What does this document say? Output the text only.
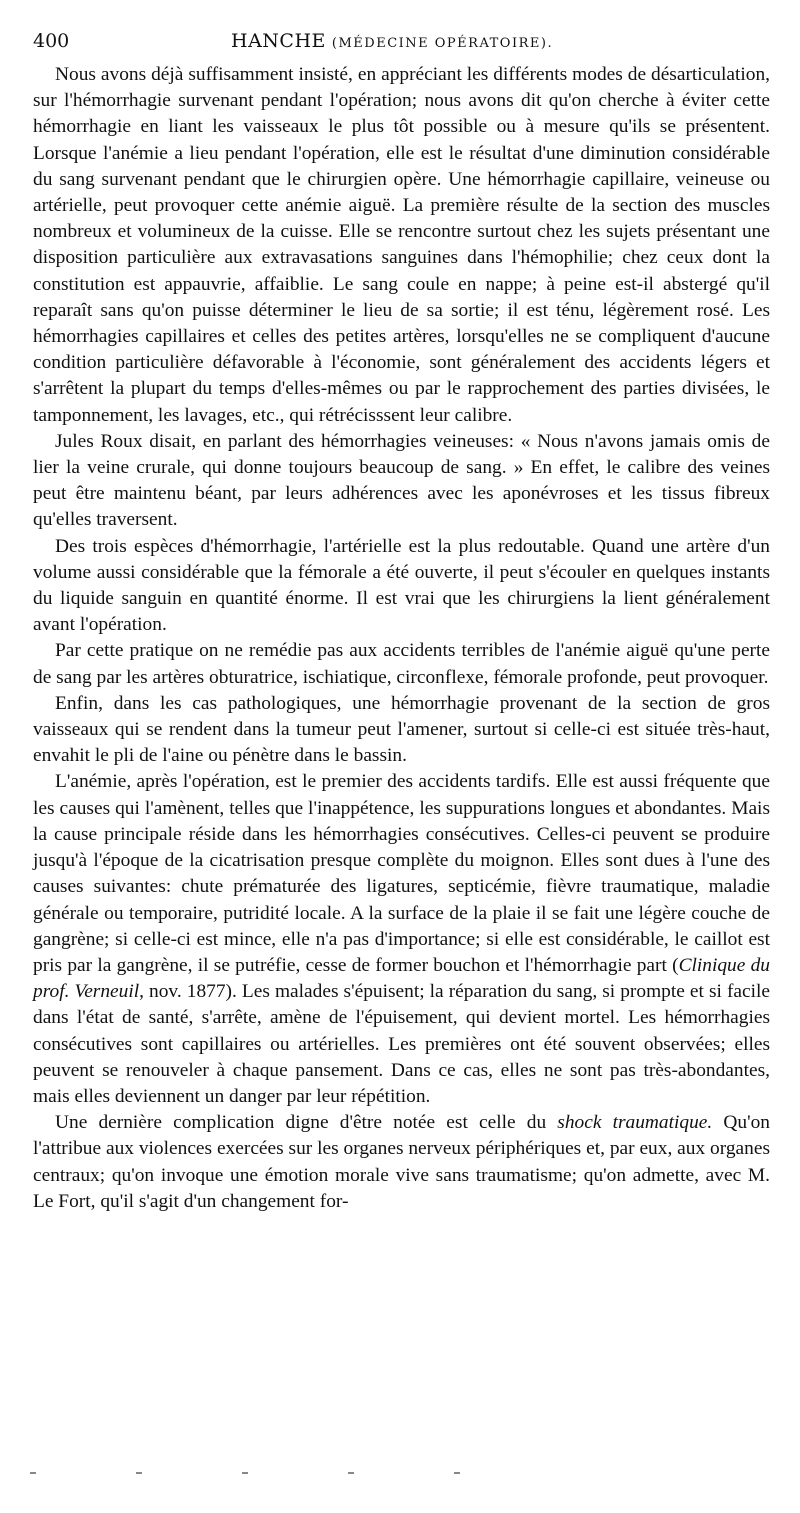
400	HANCHE (MÉDECINE OPÉRATOIRE).

Nous avons déjà suffisamment insisté, en appréciant les différents modes de désarticulation, sur l'hémorrhagie survenant pendant l'opération; nous avons dit qu'on cherche à éviter cette hémorrhagie en liant les vaisseaux le plus tôt possible ou à mesure qu'ils se présentent. Lorsque l'anémie a lieu pendant l'opération, elle est le résultat d'une diminution considérable du sang survenant pendant que le chirurgien opère. Une hémorrhagie capillaire, veineuse ou artérielle, peut provoquer cette anémie aiguë. La première résulte de la section des muscles nombreux et volumineux de la cuisse. Elle se rencontre surtout chez les sujets présentant une disposition particulière aux extravasations sanguines dans l'hémophilie; chez ceux dont la constitution est appauvrie, affaiblie. Le sang coule en nappe; à peine est-il abstergé qu'il reparaît sans qu'on puisse déterminer le lieu de sa sortie; il est ténu, légèrement rosé. Les hémorrhagies capillaires et celles des petites artères, lorsqu'elles ne se compliquent d'aucune condition particulière défavorable à l'économie, sont généralement des accidents légers et s'arrêtent la plupart du temps d'elles-mêmes ou par le rapprochement des parties divisées, le tamponnement, les lavages, etc., qui rétrécisssent leur calibre.

Jules Roux disait, en parlant des hémorrhagies veineuses: « Nous n'avons jamais omis de lier la veine crurale, qui donne toujours beaucoup de sang. » En effet, le calibre des veines peut être maintenu béant, par leurs adhérences avec les aponévroses et les tissus fibreux qu'elles traversent.

Des trois espèces d'hémorrhagie, l'artérielle est la plus redoutable. Quand une artère d'un volume aussi considérable que la fémorale a été ouverte, il peut s'écouler en quelques instants du liquide sanguin en quantité énorme. Il est vrai que les chirurgiens la lient généralement avant l'opération.

Par cette pratique on ne remédie pas aux accidents terribles de l'anémie aiguë qu'une perte de sang par les artères obturatrice, ischiatique, circonflexe, fémorale profonde, peut provoquer.

Enfin, dans les cas pathologiques, une hémorrhagie provenant de la section de gros vaisseaux qui se rendent dans la tumeur peut l'amener, surtout si celle-ci est située très-haut, envahit le pli de l'aine ou pénètre dans le bassin.

L'anémie, après l'opération, est le premier des accidents tardifs. Elle est aussi fréquente que les causes qui l'amènent, telles que l'inappétence, les suppurations longues et abondantes. Mais la cause principale réside dans les hémorrhagies consécutives. Celles-ci peuvent se produire jusqu'à l'époque de la cicatrisation presque complète du moignon. Elles sont dues à l'une des causes suivantes: chute prématurée des ligatures, septicémie, fièvre traumatique, maladie générale ou temporaire, putridité locale. A la surface de la plaie il se fait une légère couche de gangrène; si celle-ci est mince, elle n'a pas d'importance; si elle est considérable, le caillot est pris par la gangrène, il se putréfie, cesse de former bouchon et l'hémorrhagie part (Clinique du prof. Verneuil, nov. 1877). Les malades s'épuisent; la réparation du sang, si prompte et si facile dans l'état de santé, s'arrête, amène de l'épuisement, qui devient mortel. Les hémorrhagies consécutives sont capillaires ou artérielles. Les premières ont été souvent observées; elles peuvent se renouveler à chaque pansement. Dans ce cas, elles ne sont pas très-abondantes, mais elles deviennent un danger par leur répétition.

Une dernière complication digne d'être notée est celle du shock traumatique. Qu'on l'attribue aux violences exercées sur les organes nerveux périphériques et, par eux, aux organes centraux; qu'on invoque une émotion morale vive sans traumatisme; qu'on admette, avec M. Le Fort, qu'il s'agit d'un changement for-
